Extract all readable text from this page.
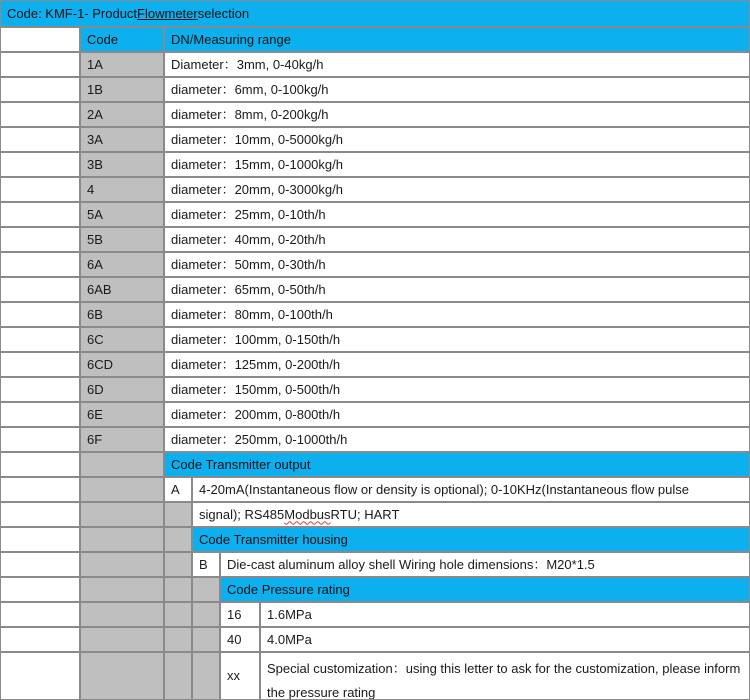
Code: KMF-1- Product Flowmeter selection
Code	DN/Measuring range
1A	Diameter：3mm, 0-40kg/h
1B	diameter：6mm, 0-100kg/h
2A	diameter：8mm, 0-200kg/h
3A	diameter：10mm, 0-5000kg/h
3B	diameter：15mm, 0-1000kg/h
4	diameter：20mm, 0-3000kg/h
5A	diameter：25mm, 0-10th/h
5B	diameter：40mm, 0-20th/h
6A	diameter：50mm, 0-30th/h
6AB	diameter：65mm, 0-50th/h
6B	diameter：80mm, 0-100th/h
6C	diameter：100mm, 0-150th/h
6CD	diameter：125mm, 0-200th/h
6D	diameter：150mm, 0-500th/h
6E	diameter：200mm, 0-800th/h
6F	diameter：250mm, 0-1000th/h
Code Transmitter output
A	4-20mA(Instantaneous flow or density is optional); 0-10KHz(Instantaneous flow pulse
signal); RS485 Modbus RTU; HART
Code Transmitter housing
B	Die-cast aluminum alloy shell Wiring hole dimensions：M20*1.5
Code Pressure rating
16	1.6MPa
40	4.0MPa
xx	Special customization：using this letter to ask for the customization, please inform the pressure rating
